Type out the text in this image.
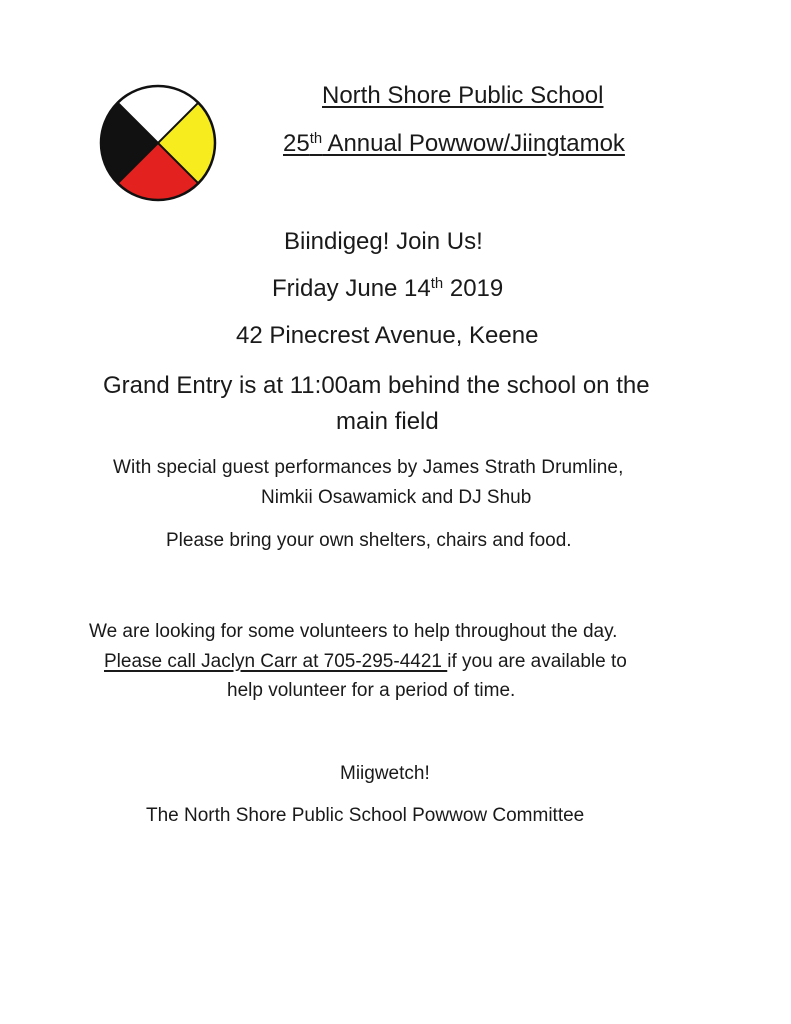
North Shore Public School
25th Annual Powwow/Jiingtamok
Biindigeg! Join Us!
Friday June 14th 2019
42 Pinecrest Avenue, Keene
Grand Entry is at 11:00am behind the school on the
main field
With special guest performances by James Strath Drumline,
Nimkii Osawamick and DJ Shub
Please bring your own shelters, chairs and food.
We are looking for some volunteers to help throughout the day.
Please call Jaclyn Carr at 705-295-4421 if you are available to
help volunteer for a period of time.
Miigwetch!
The North Shore Public School Powwow Committee
